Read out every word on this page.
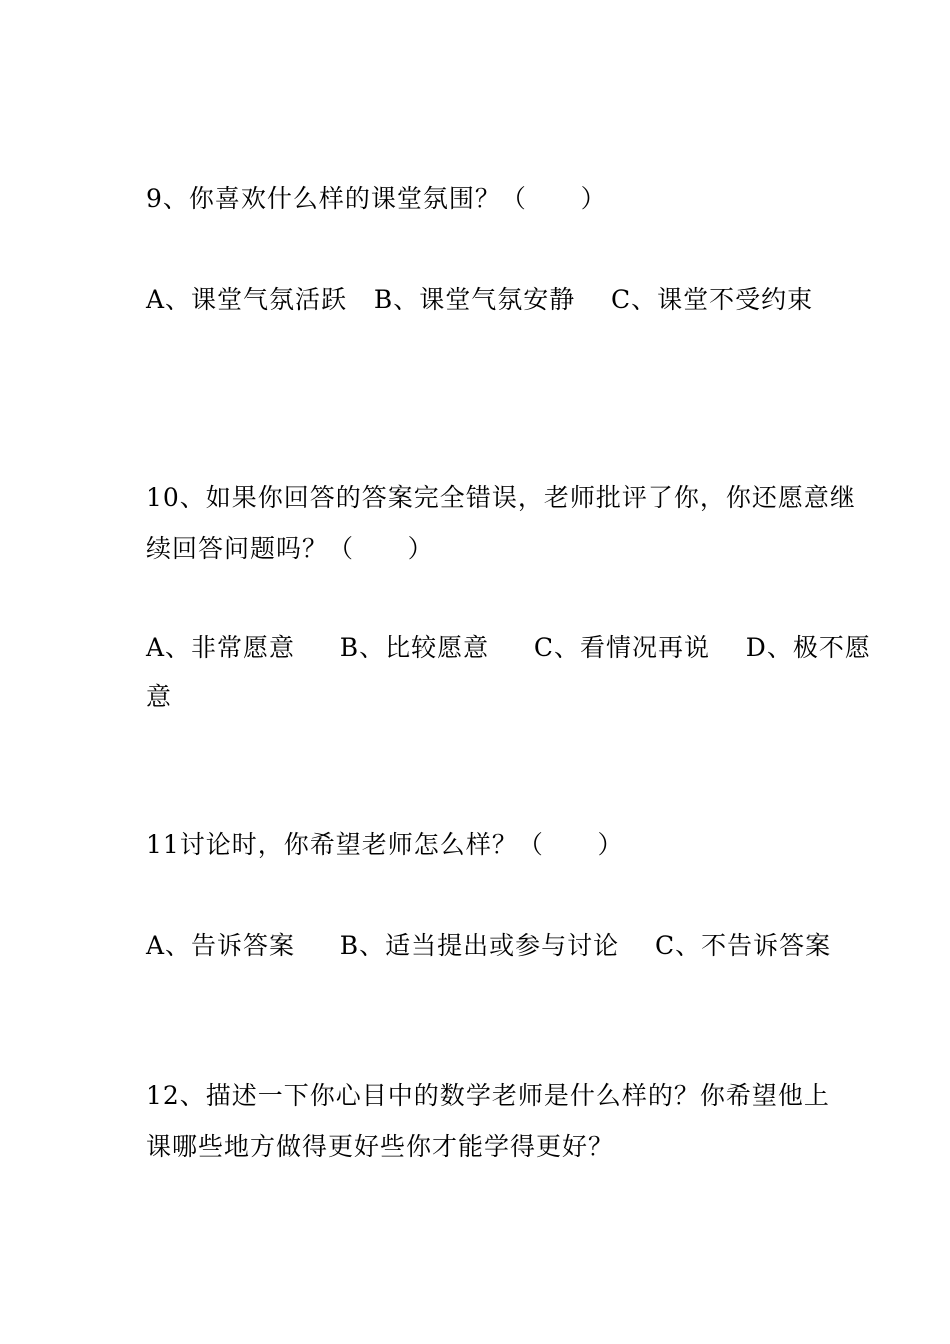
9、你喜欢什么样的课堂氛围？（      ）
A、课堂气氛活跃   B、课堂气氛安静    C、课堂不受约束
10、如果你回答的答案完全错误，老师批评了你，你还愿意继
续回答问题吗？（      ）
A、非常愿意     B、比较愿意     C、看情况再说    D、极不愿
意
11讨论时，你希望老师怎么样？（      ）
A、告诉答案     B、适当提出或参与讨论    C、不告诉答案
12、描述一下你心目中的数学老师是什么样的？你希望他上
课哪些地方做得更好些你才能学得更好？
